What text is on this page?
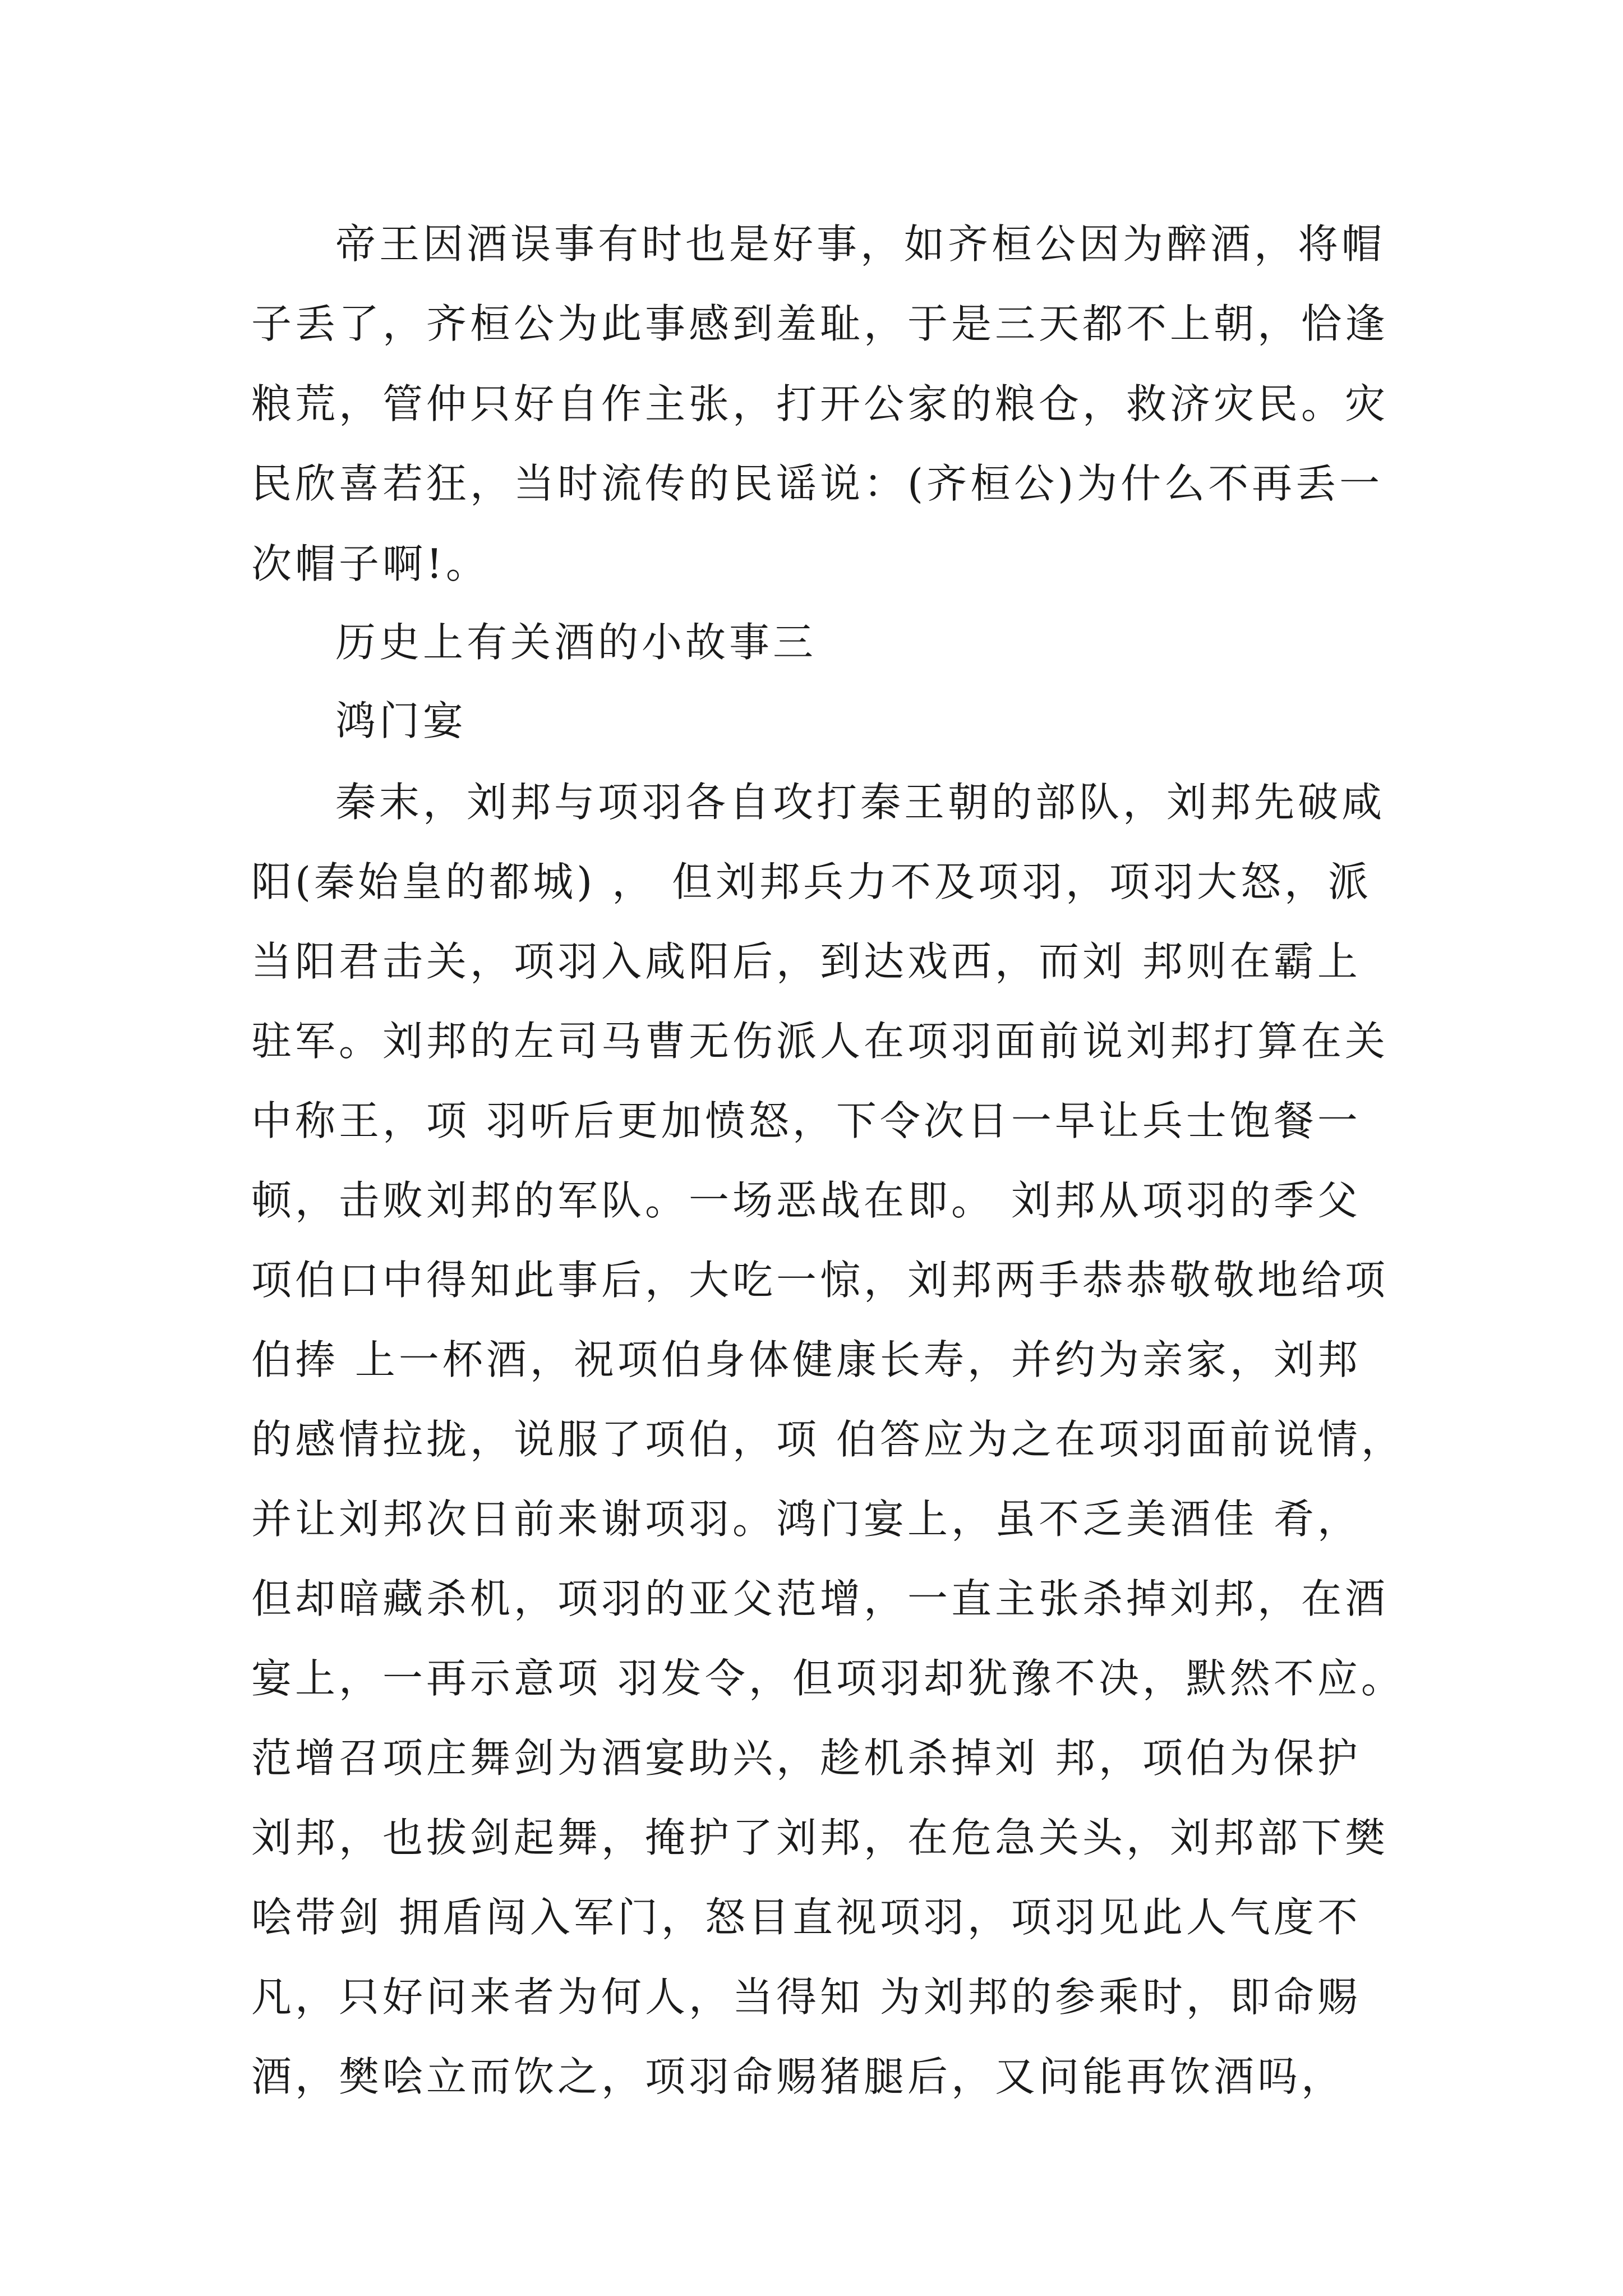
帝王因酒误事有时也是好事，如齐桓公因为醉酒，将帽
子丢了，齐桓公为此事感到羞耻，于是三天都不上朝，恰逢
粮荒，管仲只好自作主张，打开公家的粮仓，救济灾民。灾
民欣喜若狂，当时流传的民谣说：(齐桓公)为什么不再丢一
次帽子啊!。
历史上有关酒的小故事三
鸿门宴
秦末，刘邦与项羽各自攻打秦王朝的部队，刘邦先破咸
阳(秦始皇的都城) ， 但刘邦兵力不及项羽，项羽大怒，派
当阳君击关，项羽入咸阳后，到达戏西，而刘 邦则在霸上
驻军。刘邦的左司马曹无伤派人在项羽面前说刘邦打算在关
中称王，项 羽听后更加愤怒，下令次日一早让兵士饱餐一
顿，击败刘邦的军队。一场恶战在即。 刘邦从项羽的季父
项伯口中得知此事后，大吃一惊，刘邦两手恭恭敬敬地给项
伯捧 上一杯酒，祝项伯身体健康长寿，并约为亲家，刘邦
的感情拉拢，说服了项伯，项 伯答应为之在项羽面前说情，
并让刘邦次日前来谢项羽。鸿门宴上，虽不乏美酒佳 肴，
但却暗藏杀机，项羽的亚父范增，一直主张杀掉刘邦，在酒
宴上，一再示意项 羽发令，但项羽却犹豫不决，默然不应。
范增召项庄舞剑为酒宴助兴，趁机杀掉刘 邦，项伯为保护
刘邦，也拔剑起舞，掩护了刘邦，在危急关头，刘邦部下樊
哙带剑 拥盾闯入军门，怒目直视项羽，项羽见此人气度不
凡，只好问来者为何人，当得知 为刘邦的参乘时，即命赐
酒，樊哙立而饮之，项羽命赐猪腿后，又问能再饮酒吗，
